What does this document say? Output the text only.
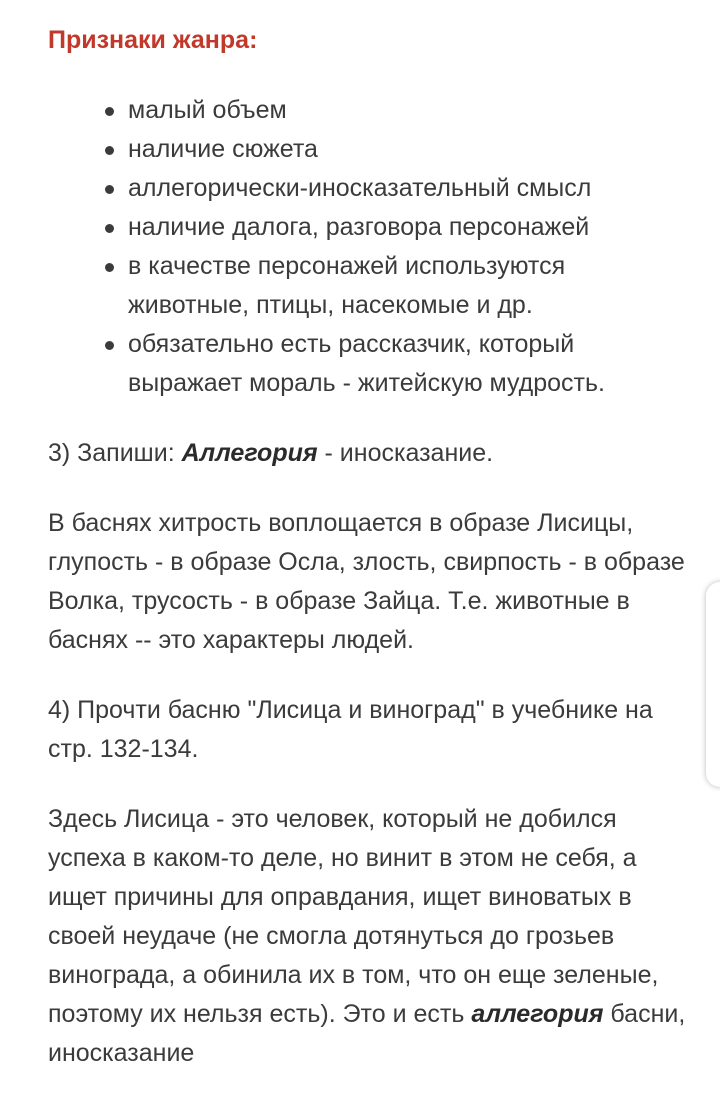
Признаки жанра:
малый объем
наличие сюжета
аллегорически-иносказательный смысл
наличие далога, разговора персонажей
в качестве персонажей используются животные, птицы, насекомые и др.
обязательно есть рассказчик, который выражает мораль - житейскую мудрость.

3) Запиши: Аллегория - иносказание.

В баснях хитрость воплощается в образе Лисицы, глупость - в образе Осла, злость, свирпость - в образе Волка, трусость - в образе Зайца. Т.е. животные в баснях -- это характеры людей.

4) Прочти басню "Лисица и виноград" в учебнике на стр. 132-134.

Здесь Лисица - это человек, который не добился успеха в каком-то деле, но винит в этом не себя, а ищет причины для оправдания, ищет виноватых в своей неудаче (не смогла дотянуться до грозьев винограда, а обинила их в том, что он еще зеленые, поэтому их нельзя есть). Это и есть аллегория басни, иносказание
